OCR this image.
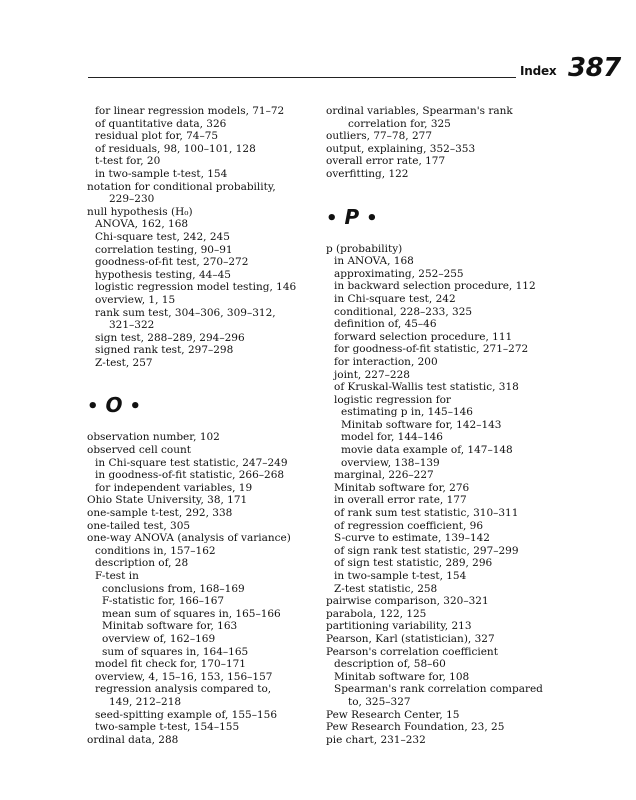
Index 387
for linear regression models, 71–72
of quantitative data, 326
residual plot for, 74–75
of residuals, 98, 100–101, 128
t-test for, 20
in two-sample t-test, 154
notation for conditional probability,
229–230
null hypothesis (H₀)
ANOVA, 162, 168
Chi-square test, 242, 245
correlation testing, 90–91
goodness-of-fit test, 270–272
hypothesis testing, 44–45
logistic regression model testing, 146
overview, 1, 15
rank sum test, 304–306, 309–312,
321–322
sign test, 288–289, 294–296
signed rank test, 297–298
Z-test, 257
• O •
observation number, 102
observed cell count
in Chi-square test statistic, 247–249
in goodness-of-fit statistic, 266–268
for independent variables, 19
Ohio State University, 38, 171
one-sample t-test, 292, 338
one-tailed test, 305
one-way ANOVA (analysis of variance)
conditions in, 157–162
description of, 28
F-test in
conclusions from, 168–169
F-statistic for, 166–167
mean sum of squares in, 165–166
Minitab software for, 163
overview of, 162–169
sum of squares in, 164–165
model fit check for, 170–171
overview, 4, 15–16, 153, 156–157
regression analysis compared to,
149, 212–218
seed-spitting example of, 155–156
two-sample t-test, 154–155
ordinal data, 288
ordinal variables, Spearman's rank
correlation for, 325
outliers, 77–78, 277
output, explaining, 352–353
overall error rate, 177
overfitting, 122
• P •
p (probability)
in ANOVA, 168
approximating, 252–255
in backward selection procedure, 112
in Chi-square test, 242
conditional, 228–233, 325
definition of, 45–46
forward selection procedure, 111
for goodness-of-fit statistic, 271–272
for interaction, 200
joint, 227–228
of Kruskal-Wallis test statistic, 318
logistic regression for
estimating p in, 145–146
Minitab software for, 142–143
model for, 144–146
movie data example of, 147–148
overview, 138–139
marginal, 226–227
Minitab software for, 276
in overall error rate, 177
of rank sum test statistic, 310–311
of regression coefficient, 96
S-curve to estimate, 139–142
of sign rank test statistic, 297–299
of sign test statistic, 289, 296
in two-sample t-test, 154
Z-test statistic, 258
pairwise comparison, 320–321
parabola, 122, 125
partitioning variability, 213
Pearson, Karl (statistician), 327
Pearson's correlation coefficient
description of, 58–60
Minitab software for, 108
Spearman's rank correlation compared
to, 325–327
Pew Research Center, 15
Pew Research Foundation, 23, 25
pie chart, 231–232
